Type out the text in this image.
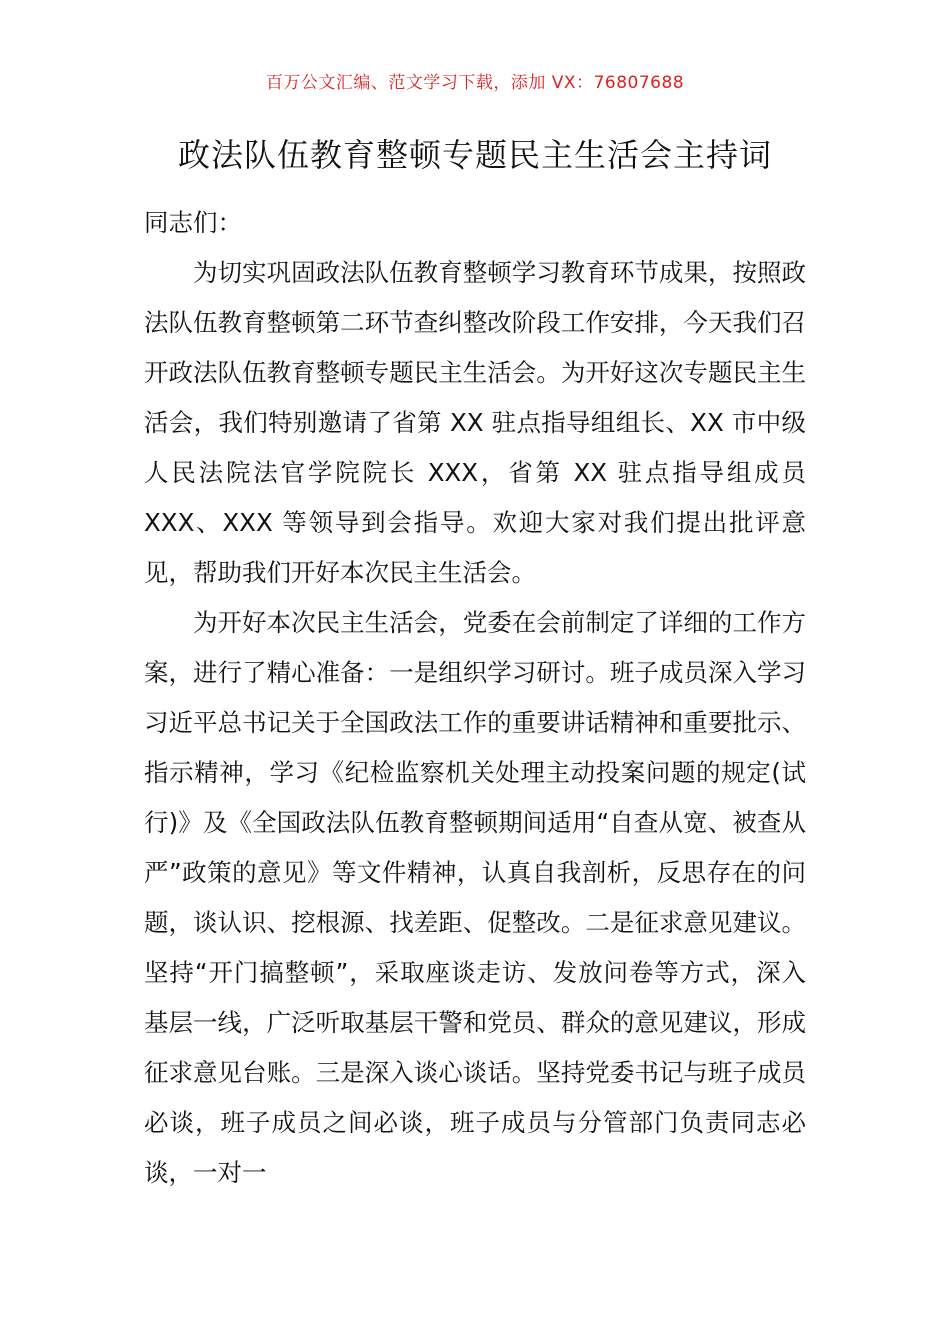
百万公文汇编、范文学习下载，添加 VX：76807688
政法队伍教育整顿专题民主生活会主持词

同志们：

为切实巩固政法队伍教育整顿学习教育环节成果，按照政法队伍教育整顿第二环节查纠整改阶段工作安排，今天我们召开政法队伍教育整顿专题民主生活会。为开好这次专题民主生活会，我们特别邀请了省第 XX 驻点指导组组长、XX 市中级人民法院法官学院院长 XXX，省第 XX 驻点指导组成员 XXX、XXX 等领导到会指导。欢迎大家对我们提出批评意见，帮助我们开好本次民主生活会。

为开好本次民主生活会，党委在会前制定了详细的工作方案，进行了精心准备：一是组织学习研讨。班子成员深入学习习近平总书记关于全国政法工作的重要讲话精神和重要批示、指示精神，学习《纪检监察机关处理主动投案问题的规定(试行)》及《全国政法队伍教育整顿期间适用“自查从宽、被查从严”政策的意见》等文件精神，认真自我剖析，反思存在的问题，谈认识、挖根源、找差距、促整改。二是征求意见建议。坚持“开门搞整顿”，采取座谈走访、发放问卷等方式，深入基层一线，广泛听取基层干警和党员、群众的意见建议，形成征求意见台账。三是深入谈心谈话。坚持党委书记与班子成员必谈，班子成员之间必谈，班子成员与分管部门负责同志必谈，一对一
